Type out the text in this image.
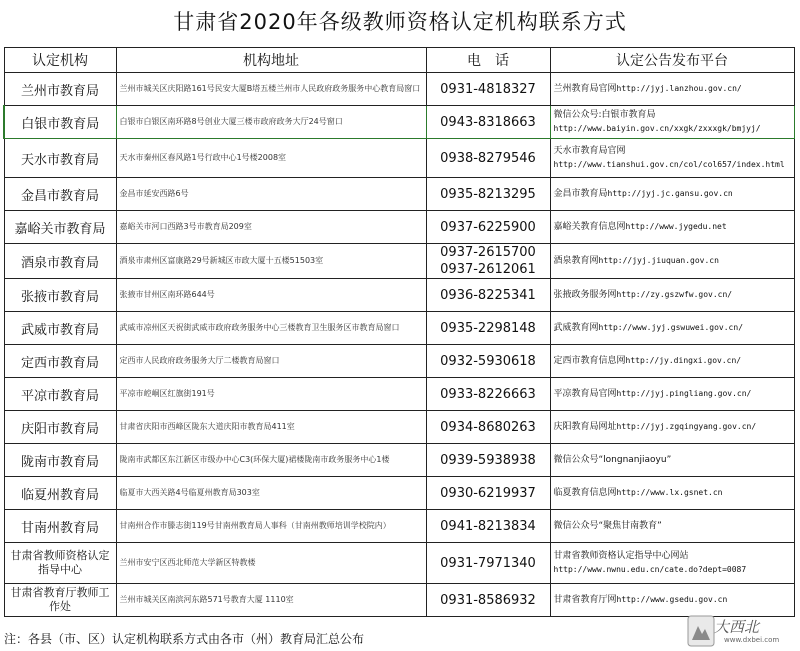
甘肃省2020年各级教师资格认定机构联系方式
认定机构	机构地址	电　话	认定公告发布平台
兰州市教育局	兰州市城关区庆阳路161号民安大厦B塔五楼兰州市人民政府政务服务中心教育局窗口	0931-4818327	兰州教育局官网http://jyj.lanzhou.gov.cn/
白银市教育局	白银市白银区南环路8号创业大厦三楼市政府政务大厅24号窗口	0943-8318663	微信公众号:白银市教育局
http://www.baiyin.gov.cn/xxgk/zxxxgk/bmjyj/
天水市教育局	天水市秦州区春风路1号行政中心1号楼2008室	0938-8279546	天水市教育局官网
http://www.tianshui.gov.cn/col/col657/index.html
金昌市教育局	金昌市延安西路6号	0935-8213295	金昌市教育局http://jyj.jc.gansu.gov.cn
嘉峪关市教育局	嘉峪关市河口西路3号市教育局209室	0937-6225900	嘉峪关教育信息网http://www.jygedu.net
酒泉市教育局	酒泉市肃州区富康路29号新城区市政大厦十五楼51503室	0937-2615700
0937-2612061	酒泉教育网http://jyj.jiuquan.gov.cn
张掖市教育局	张掖市甘州区南环路644号	0936-8225341	张掖政务服务网http://zy.gszwfw.gov.cn/
武威市教育局	武威市凉州区天祝街武威市政府政务服务中心三楼教育卫生服务区市教育局窗口	0935-2298148	武威教育网http://www.jyj.gswuwei.gov.cn/
定西市教育局	定西市人民政府政务服务大厅二楼教育局窗口	0932-5930618	定西市教育信息网http://jy.dingxi.gov.cn/
平凉市教育局	平凉市崆峒区红旗街191号	0933-8226663	平凉教育局官网http://jyj.pingliang.gov.cn/
庆阳市教育局	甘肃省庆阳市西峰区陇东大道庆阳市教育局411室	0934-8680263	庆阳教育局网址http://jyj.zgqingyang.gov.cn/
陇南市教育局	陇南市武都区东江新区市级办中心C3(环保大厦)裙楼陇南市政务服务中心1楼	0939-5938938	微信公众号“longnanjiaoyu”
临夏州教育局	临夏市大西关路4号临夏州教育局303室	0930-6219937	临夏教育信息网http://www.lx.gsnet.cn
甘南州教育局	甘南州合作市滕志街119号甘南州教育局人事科（甘南州教师培训学校院内）	0941-8213834	微信公众号“聚焦甘南教育”
甘肃省教师资格认定指导中心	兰州市安宁区西北师范大学新区特教楼	0931-7971340	甘肃省教师资格认定指导中心网站
http://www.nwnu.edu.cn/cate.do?dept=0087
甘肃省教育厅教师工作处	兰州市城关区南滨河东路571号教育大厦 1110室	0931-8586932	甘肃省教育厅网http://www.gsedu.gov.cn
注：各县（市、区）认定机构联系方式由各市（州）教育局汇总公布
大西北
www.dxbei.com
